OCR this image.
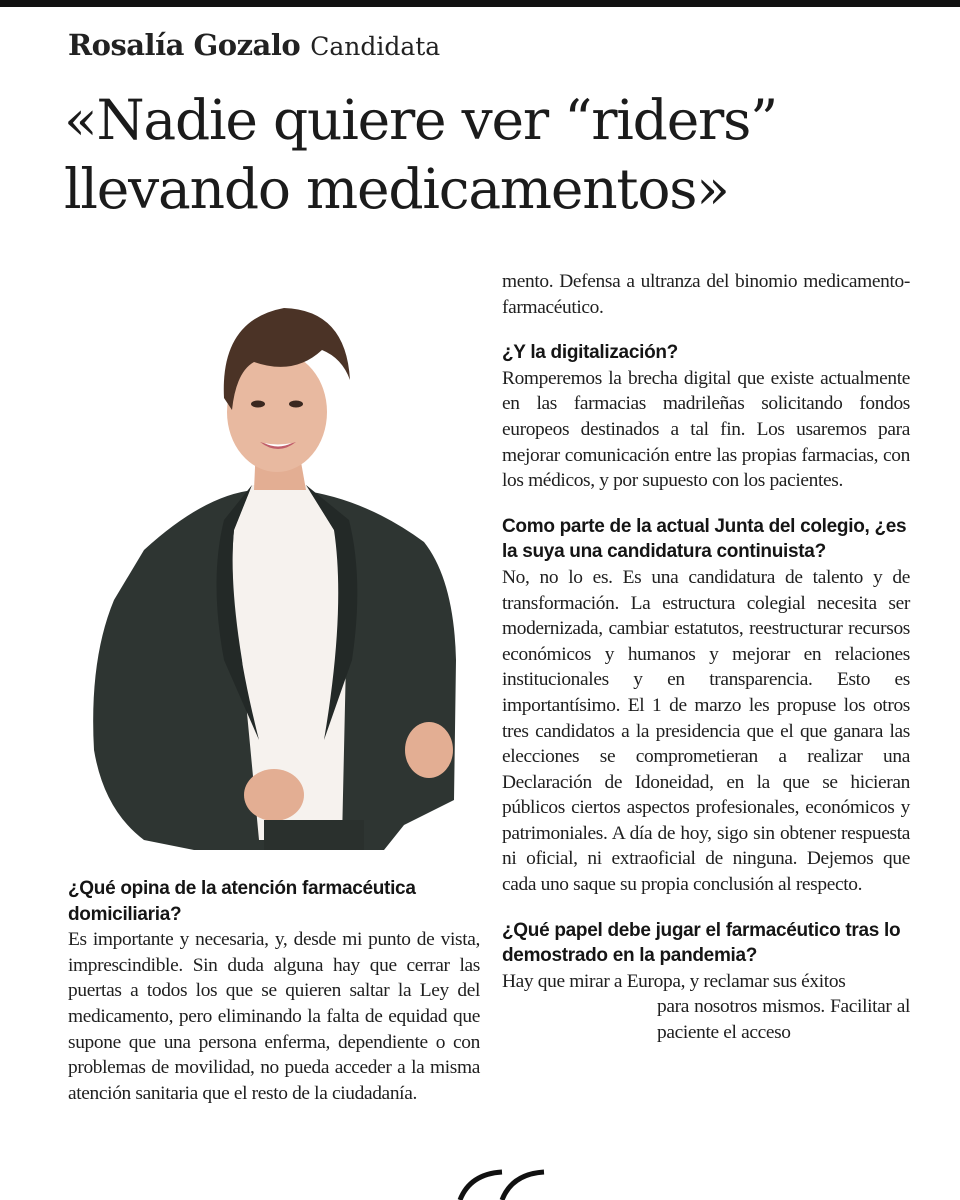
Rosalía Gozalo Candidata
«Nadie quiere ver “riders”
llevando medicamentos»
¿Qué opina de la atención farmacéutica domiciliaria?
Es importante y necesaria, y, desde mi punto de vista, imprescindible. Sin duda alguna hay que cerrar las puertas a todos los que se quieren saltar la Ley del medicamento, pero eliminando la falta de equidad que supone que una persona enferma, dependiente o con problemas de movilidad, no pueda acceder a la misma atención sanitaria que el resto de la ciudadanía.
mento. Defensa a ultranza del binomio medicamento-farmacéutico.
¿Y la digitalización?
Romperemos la brecha digital que existe actualmente en las farmacias madrileñas solicitando fondos europeos destinados a tal fin. Los usaremos para mejorar comunicación entre las propias farmacias, con los médicos, y por supuesto con los pacientes.
Como parte de la actual Junta del colegio, ¿es la suya una candidatura continuista?
No, no lo es. Es una candidatura de talento y de transformación. La estructura colegial necesita ser modernizada, cambiar estatutos, reestructurar recursos económicos y humanos y mejorar en relaciones institucionales y en transparencia. Esto es importantísimo. El 1 de marzo les propuse los otros tres candidatos a la presidencia que el que ganara las elecciones se comprometieran a realizar una Declaración de Idoneidad, en la que se hicieran públicos ciertos aspectos profesionales, económicos y patrimoniales. A día de hoy, sigo sin obtener respuesta ni oficial, ni extraoficial de ninguna. Dejemos que cada uno saque su propia conclusión al respecto.
¿Qué papel debe jugar el farmacéutico tras lo demostrado en la pandemia?
Hay que mirar a Europa, y reclamar sus éxitos
para nosotros mismos. Facilitar al paciente el acceso
